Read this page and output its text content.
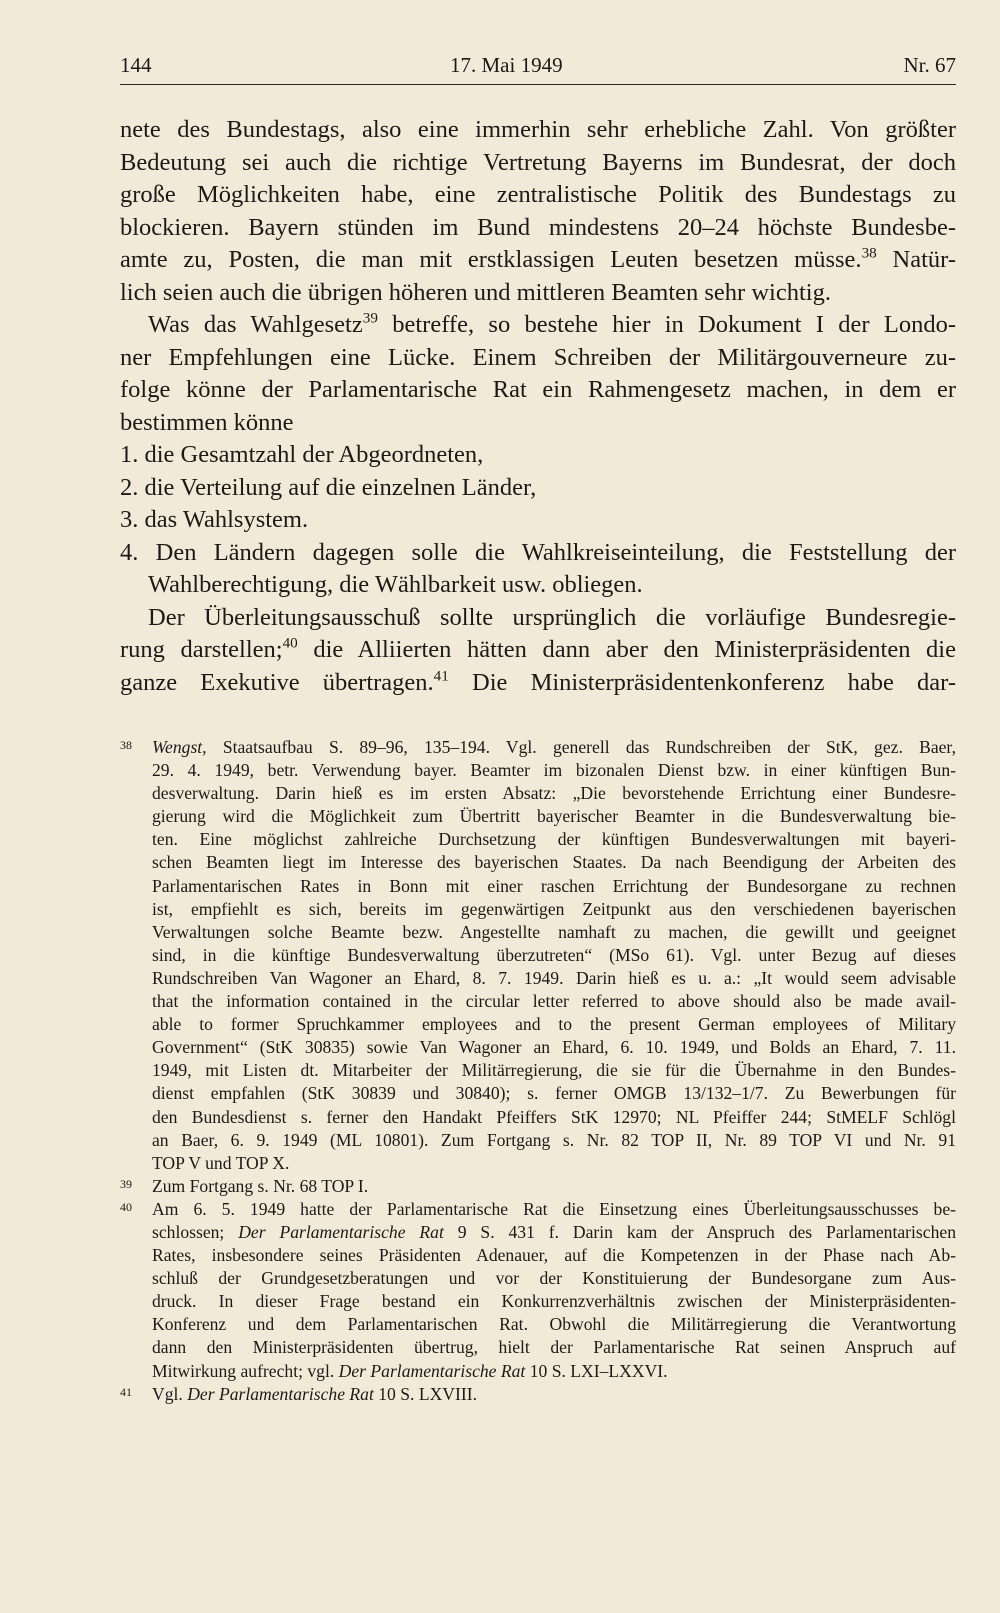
144	17. Mai 1949	Nr. 67

nete des Bundestags, also eine immerhin sehr erhebliche Zahl. Von größter

Bedeutung sei auch die richtige Vertretung Bayerns im Bundesrat, der doch

große Möglichkeiten habe, eine zentralistische Politik des Bundestags zu

blockieren. Bayern stünden im Bund mindestens 20–24 höchste Bundesbe-

amte zu, Posten, die man mit erstklassigen Leuten besetzen müsse.$^{38}$ Natür-

lich seien auch die übrigen höheren und mittleren Beamten sehr wichtig.

Was das Wahlgesetz$^{39}$ betreffe, so bestehe hier in Dokument I der Londo-

ner Empfehlungen eine Lücke. Einem Schreiben der Militärgouverneure zu-

folge könne der Parlamentarische Rat ein Rahmengesetz machen, in dem er

bestimmen könne

1. die Gesamtzahl der Abgeordneten,

2. die Verteilung auf die einzelnen Länder,

3. das Wahlsystem.

4. Den Ländern dagegen solle die Wahlkreiseinteilung, die Feststellung der

Wahlberechtigung, die Wählbarkeit usw. obliegen.

Der Überleitungsausschuß sollte ursprünglich die vorläufige Bundesregie-

rung darstellen;$^{40}$ die Alliierten hätten dann aber den Ministerpräsidenten die

ganze Exekutive übertragen.$^{41}$ Die Ministerpräsidentenkonferenz habe dar-

38 Wengst, Staatsaufbau S. 89–96, 135–194. Vgl. generell das Rundschreiben der StK, gez. Baer,
29. 4. 1949, betr. Verwendung bayer. Beamter im bizonalen Dienst bzw. in einer künftigen Bun-
desverwaltung. Darin hieß es im ersten Absatz: „Die bevorstehende Errichtung einer Bundesre-
gierung wird die Möglichkeit zum Übertritt bayerischer Beamter in die Bundesverwaltung bie-
ten. Eine möglichst zahlreiche Durchsetzung der künftigen Bundesverwaltungen mit bayeri-
schen Beamten liegt im Interesse des bayerischen Staates. Da nach Beendigung der Arbeiten des
Parlamentarischen Rates in Bonn mit einer raschen Errichtung der Bundesorgane zu rechnen
ist, empfiehlt es sich, bereits im gegenwärtigen Zeitpunkt aus den verschiedenen bayerischen
Verwaltungen solche Beamte bezw. Angestellte namhaft zu machen, die gewillt und geeignet
sind, in die künftige Bundesverwaltung überzutreten“ (MSo 61). Vgl. unter Bezug auf dieses
Rundschreiben Van Wagoner an Ehard, 8. 7. 1949. Darin hieß es u. a.: „It would seem advisable
that the information contained in the circular letter referred to above should also be made avail-
able to former Spruchkammer employees and to the present German employees of Military
Government“ (StK 30835) sowie Van Wagoner an Ehard, 6. 10. 1949, und Bolds an Ehard, 7. 11.
1949, mit Listen dt. Mitarbeiter der Militärregierung, die sie für die Übernahme in den Bundes-
dienst empfahlen (StK 30839 und 30840); s. ferner OMGB 13/132–1/7. Zu Bewerbungen für
den Bundesdienst s. ferner den Handakt Pfeiffers StK 12970; NL Pfeiffer 244; StMELF Schlögl
an Baer, 6. 9. 1949 (ML 10801). Zum Fortgang s. Nr. 82 TOP II, Nr. 89 TOP VI und Nr. 91
TOP V und TOP X.
39 Zum Fortgang s. Nr. 68 TOP I.
40 Am 6. 5. 1949 hatte der Parlamentarische Rat die Einsetzung eines Überleitungsausschusses be-
schlossen; Der Parlamentarische Rat 9 S. 431 f. Darin kam der Anspruch des Parlamentarischen
Rates, insbesondere seines Präsidenten Adenauer, auf die Kompetenzen in der Phase nach Ab-
schluß der Grundgesetzberatungen und vor der Konstituierung der Bundesorgane zum Aus-
druck. In dieser Frage bestand ein Konkurrenzverhältnis zwischen der Ministerpräsidenten-
Konferenz und dem Parlamentarischen Rat. Obwohl die Militärregierung die Verantwortung
dann den Ministerpräsidenten übertrug, hielt der Parlamentarische Rat seinen Anspruch auf
Mitwirkung aufrecht; vgl. Der Parlamentarische Rat 10 S. LXI–LXXVI.
41 Vgl. Der Parlamentarische Rat 10 S. LXVIII.
